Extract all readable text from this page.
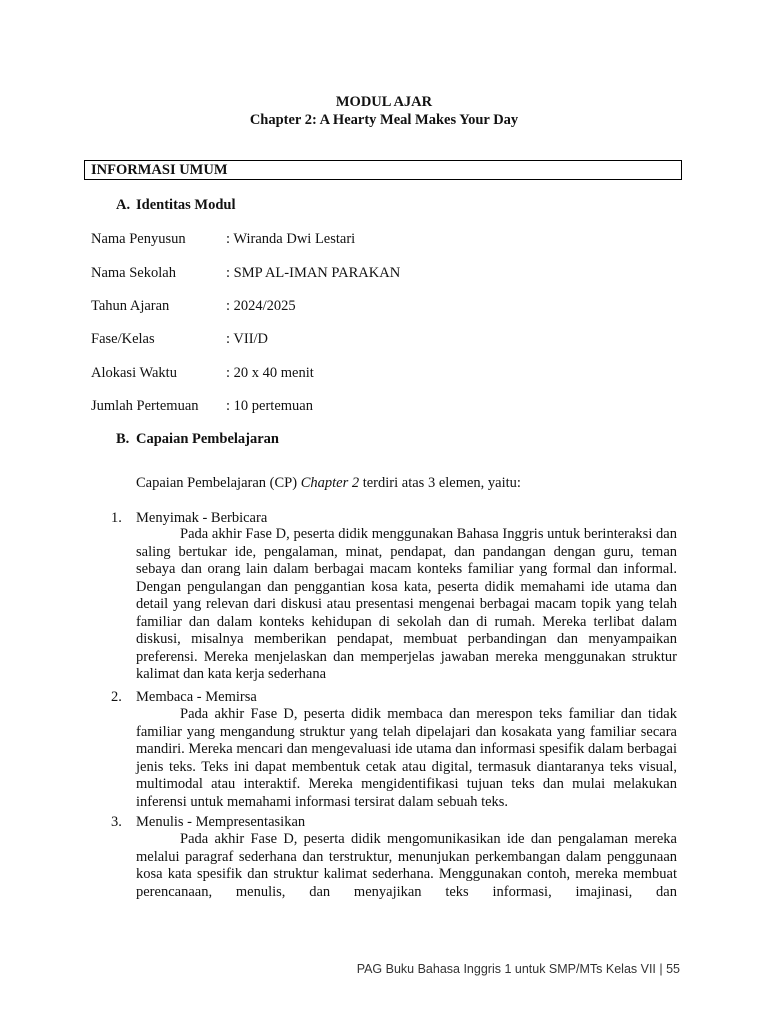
MODUL AJAR
Chapter 2: A Hearty Meal Makes Your Day
INFORMASI UMUM
A. Identitas Modul
Nama Penyusun	: Wiranda Dwi Lestari
Nama Sekolah	: SMP AL-IMAN PARAKAN
Tahun Ajaran	: 2024/2025
Fase/Kelas	: VII/D
Alokasi Waktu	: 20 x 40 menit
Jumlah Pertemuan : 10 pertemuan
B. Capaian Pembelajaran
Capaian Pembelajaran (CP) Chapter 2 terdiri atas 3 elemen, yaitu:
1. Menyimak - Berbicara

Pada akhir Fase D, peserta didik menggunakan Bahasa Inggris untuk berinteraksi dan saling bertukar ide, pengalaman, minat, pendapat, dan pandangan dengan guru, teman sebaya dan orang lain dalam berbagai macam konteks familiar yang formal dan informal. Dengan pengulangan dan penggantian kosa kata, peserta didik memahami ide utama dan detail yang relevan dari diskusi atau presentasi mengenai berbagai macam topik yang telah familiar dan dalam konteks kehidupan di sekolah dan di rumah. Mereka terlibat dalam diskusi, misalnya memberikan pendapat, membuat perbandingan dan menyampaikan preferensi. Mereka menjelaskan dan memperjelas jawaban mereka menggunakan struktur kalimat dan kata kerja sederhana

2. Membaca - Memirsa

Pada akhir Fase D, peserta didik membaca dan merespon teks familiar dan tidak familiar yang mengandung struktur yang telah dipelajari dan kosakata yang familiar secara mandiri. Mereka mencari dan mengevaluasi ide utama dan informasi spesifik dalam berbagai jenis teks. Teks ini dapat membentuk cetak atau digital, termasuk diantaranya teks visual, multimodal atau interaktif. Mereka mengidentifikasi tujuan teks dan mulai melakukan inferensi untuk memahami informasi tersirat dalam sebuah teks.

3. Menulis - Mempresentasikan

Pada akhir Fase D, peserta didik mengomunikasikan ide dan pengalaman mereka melalui paragraf sederhana dan terstruktur, menunjukan perkembangan dalam penggunaan kosa kata spesifik dan struktur kalimat sederhana. Menggunakan contoh, mereka membuat perencanaan, menulis, dan menyajikan teks informasi, imajinasi, dan

PAG Buku Bahasa Inggris 1 untuk SMP/MTs Kelas VII | 55
